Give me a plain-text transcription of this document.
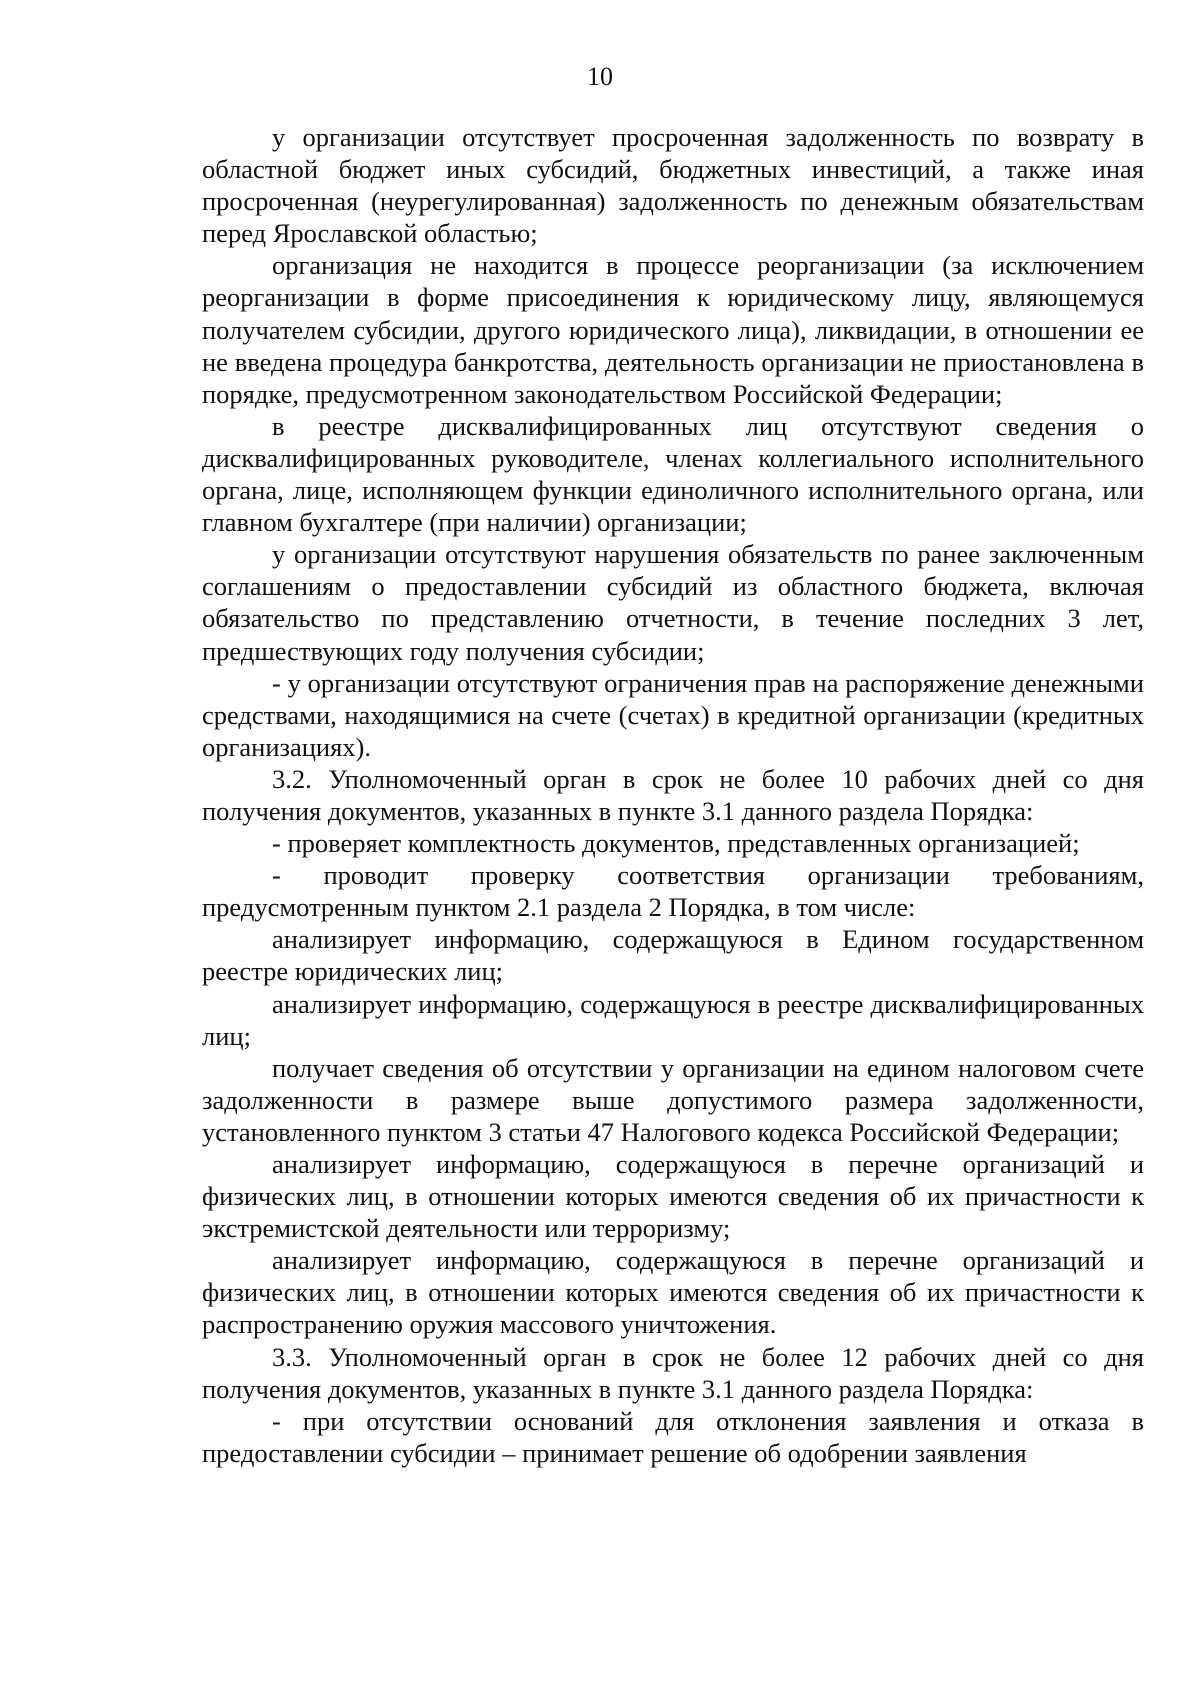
10

у организации отсутствует просроченная задолженность по возврату в областной бюджет иных субсидий, бюджетных инвестиций, а также иная просроченная (неурегулированная) задолженность по денежным обязательствам перед Ярославской областью;

организация не находится в процессе реорганизации (за исключением реорганизации в форме присоединения к юридическому лицу, являющемуся получателем субсидии, другого юридического лица), ликвидации, в отношении ее не введена процедура банкротства, деятельность организации не приостановлена в порядке, предусмотренном законодательством Российской Федерации;

в реестре дисквалифицированных лиц отсутствуют сведения о дисквалифицированных руководителе, членах коллегиального исполнительного органа, лице, исполняющем функции единоличного исполнительного органа, или главном бухгалтере (при наличии) организации;

у организации отсутствуют нарушения обязательств по ранее заключенным соглашениям о предоставлении субсидий из областного бюджета, включая обязательство по представлению отчетности, в течение последних 3 лет, предшествующих году получения субсидии;

- у организации отсутствуют ограничения прав на распоряжение денежными средствами, находящимися на счете (счетах) в кредитной организации (кредитных организациях).

3.2. Уполномоченный орган в срок не более 10 рабочих дней со дня получения документов, указанных в пункте 3.1 данного раздела Порядка:

- проверяет комплектность документов, представленных организацией;

- проводит проверку соответствия организации требованиям, предусмотренным пунктом 2.1 раздела 2 Порядка, в том числе:

анализирует информацию, содержащуюся в Едином государственном реестре юридических лиц;

анализирует информацию, содержащуюся в реестре дисквалифицированных лиц;

получает сведения об отсутствии у организации на едином налоговом счете задолженности в размере выше допустимого размера задолженности, установленного пунктом 3 статьи 47 Налогового кодекса Российской Федерации;

анализирует информацию, содержащуюся в перечне организаций и физических лиц, в отношении которых имеются сведения об их причастности к экстремистской деятельности или терроризму;

анализирует информацию, содержащуюся в перечне организаций и физических лиц, в отношении которых имеются сведения об их причастности к распространению оружия массового уничтожения.

3.3. Уполномоченный орган в срок не более 12 рабочих дней со дня получения документов, указанных в пункте 3.1 данного раздела Порядка:

- при отсутствии оснований для отклонения заявления и отказа в предоставлении субсидии – принимает решение об одобрении заявления
